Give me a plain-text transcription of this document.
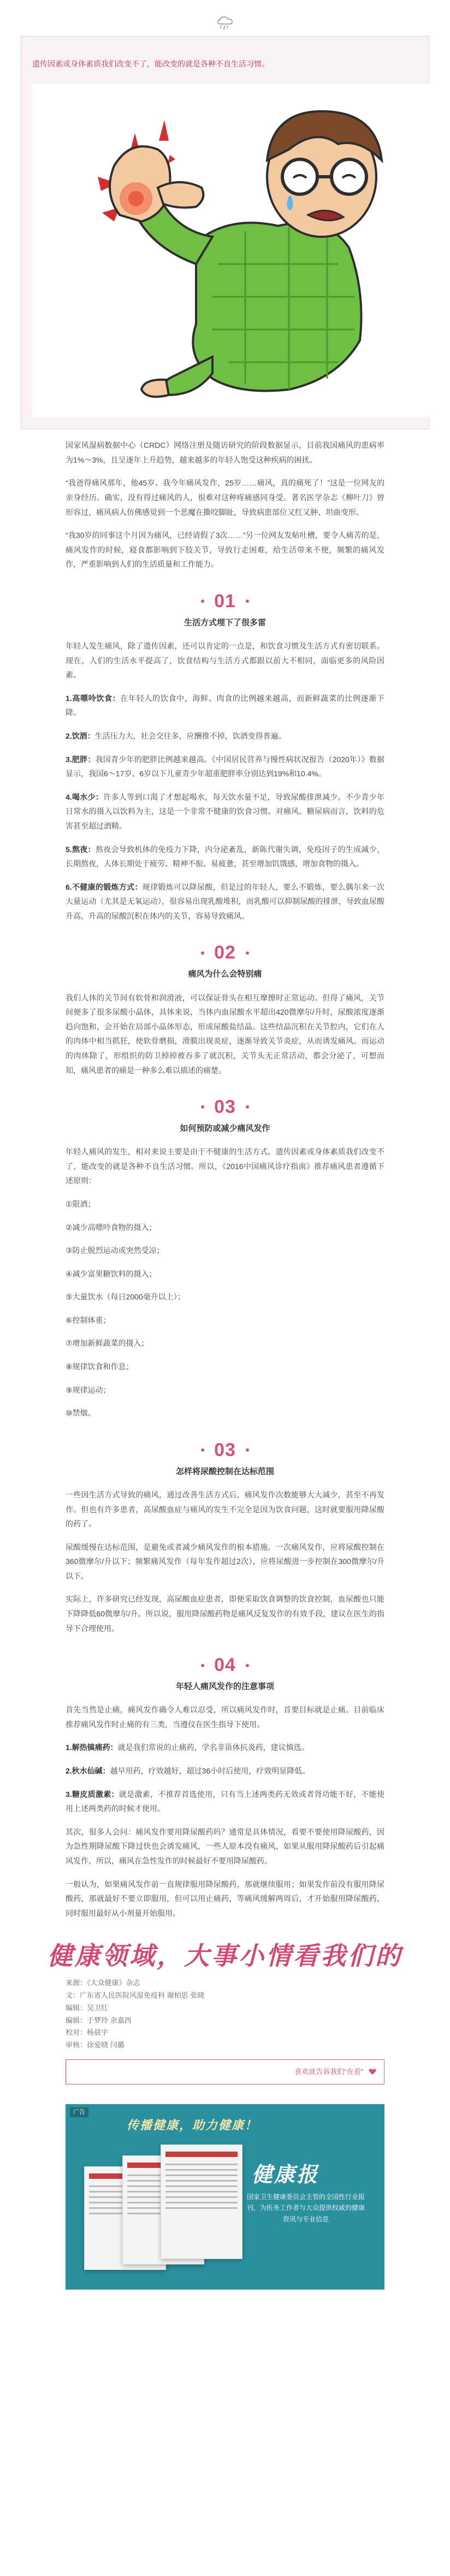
遗传因素或身体素质我们改变不了，能改变的就是各种不良生活习惯。

国家风湿病数据中心（CRDC）网络注册及随访研究的阶段数据显示，目前我国痛风的患病率为1%～3%，且呈逐年上升趋势，越来越多的年轻人饱受这种疾病的困扰。

“我爸得痛风那年，他45岁。我今年痛风发作，25岁……痛风，真的痛死了！”这是一位网友的亲身经历。确实，没有得过痛风的人，很难对这种疼痛感同身受。著名医学杂志《柳叶刀》曾形容过，痛风病人仿佛感觉到一个恶魔在撕咬脚趾，导致病患部位又红又肿、坦曲变形。

“我30岁的同事这个月因为痛风，已经请假了3次……”另一位网友发帖吐槽，要令人痛苦的是，痛风发作的时候，寝食都影响到下肢关节，导致行走困难，给生活带来不便，频繁的痛风发作，严重影响到人们的生活质量和工作能力。

01
生活方式埋下了很多雷

年轻人发生痛风，除了遗传因素，还可以肯定的一点是，和饮食习惯及生活方式有密切联系。现在，人们的生活水平提高了，饮食结构与生活方式都跟以前大不相同，面临更多的风险因素。

1.高嘌呤饮食：在年轻人的饮食中，海鲜、肉食的比例越来越高，而新鲜蔬菜的比例逐渐下降。

2.饮酒：生活压力大，社会交往多，应酬推不掉，饮酒变得普遍。

3.肥胖：我国青少年的肥胖比例越来越高。《中国居民营养与慢性病状况报告（2020年）》数据显示，我国6～17岁、6岁以下儿童青少年超重肥胖率分别达到19%和10.4%。

4.喝水少：许多人等到口渴了才想起喝水，每天饮水量不足，导致尿酸排泄减少。不少青少年日常水的摄入以饮料为主，这是一个非常不健康的饮食习惯。对痛风、糖尿病而言，饮料的危害甚至超过酒精。

5.熬夜：熬夜会导致机体的免疫力下降，内分泌紊乱，新陈代谢失调，免疫因子的生成减少，长期熬夜，人体长期处于疲劳、精神不振、易疲惫，甚至增加饥饿感，增加食物的摄入。

6.不健康的锻炼方式：规律锻炼可以降尿酸，但是过的年轻人，要么不锻炼，要么偶尔来一次大量运动（尤其是无氧运动），很容易出现乳酸堆积，而乳酸可以抑制尿酸的排泄，导致血尿酸升高，升高的尿酸沉积在体内的关节，容易导致痛风。

02
痛风为什么会特别痛

我们人体的关节间有软骨和润滑液，可以保证骨头在相互摩擦时正常运动。但得了痛风，关节间便多了很多尿酸小晶体，具体来说，当体内血尿酸水平超出420微摩尔/升时，尿酸浓度逐渐趋向饱和，会开始在局部小晶体形态，形成尿酸盐结晶。这些结晶沉积在关节腔内，它们在人的肉体中相当抓狂，使软骨磨损，滑膜出现炎症，逐渐导致关节炎症，从而诱发痛风。而运动的肉体除了，形组织的防卫掉掉被吞多了就沉积，关节头无正常活动，都会分泌了，可想而知，痛风患者的痛是一种多么难以描述的痛楚。

03
如何预防或减少痛风发作

年轻人痛风的发生，相对来说主要是由于不健康的生活方式。遗传因素或身体素质我们改变不了，能改变的就是各种不良生活习惯。所以，《2016中国痛风诊疗指南》推荐痛风患者遵循下述原则：

①限酒；

②减少高嘌呤食物的摄入；

③防止脱烈运动或突然受凉；

④减少富果糖饮料的摄入；

⑤大量饮水（每日2000毫升以上）；

⑥控制体重；

⑦增加新鲜蔬菜的摄入；

⑧规律饮食和作息；

⑨规律运动；

⑩禁烟。

03
怎样将尿酸控制在达标范围

一些因生活方式导致的痛风，通过改善生活方式后，痛风发作次数能够大大减少，甚至不再发作。但也有许多患者，高尿酸血症与痛风的发生不完全是因为饮食问题，这时就要服用降尿酸的药了。

尿酸缓慢在达标范围，是避免或者减少痛风发作的根本措施。一次痛风发作，应将尿酸控制在360微摩尔/升以下；频繁痛风发作（每年发作超过2次），应将尿酸进一步控制在300微摩尔/升以下。

实际上，许多研究已经发现，高尿酸血症患者，即便采取饮食调整的饮食控制，血尿酸也只能下降降低60微摩尔/升。所以说，服用降尿酸药物是痛风反复发作的有效手段，建议在医生的指导下合理使用。

04
年轻人痛风发作的注意事项

首先当然是止痛，痛风发作确令人难以忍受，所以痛风发作时，首要目标就是止痛。目前临床推荐痛风发作时止痛的有三类，当遵仪在医生指导下使用。

1.解热镇痛药：就是我们常说的止痛药，学名非甾体抗炎药，建议慎选。

2.秋水仙碱：越早用药，疗效越好，超过36小时后使用，疗效明显降低。

3.糖皮质激素：就是激素，不推荐首选使用，只有当上述两类药无效或者肾功能不好，不能使用上述两类药的时候才使用。

其次，很多人会问：痛风发作要用降尿酸药吗？通常是具体情况，看要不要使用降尿酸药，因为急性期降尿酸下降过快也会诱发痛风，一些人原本没有痛风，如果从服用降尿酸药后引起痛风发作，所以，痛风在急性发作的时候最好不要用降尿酸药。

一般认为，如果痛风发作前一直规律服用降尿酸药，那就继续服用；如果发作前没有服用降尿酸药，那就最好不要立即服用，但可以用止痛药，等痛风缓解两周后，才开始服用降尿酸药，同时服用最好从小剂量开始服用。

健康领域，大事小情看我们的
来源：《大众健康》杂志
文：广东省人民医院风湿免疫科 谢柏思 张晓
编辑：吴卫红
编辑：于梦玲 余嘉西
校对：杨晨宇
审核：徐爱晓 闫璐
喜欢就告诉我们“在看”
广告
传播健康，助力健康！
健康报
国家卫生健康委员会主管的全国性行业报刊，为医务工作者与大众提供权威的健康资讯与专业信息
